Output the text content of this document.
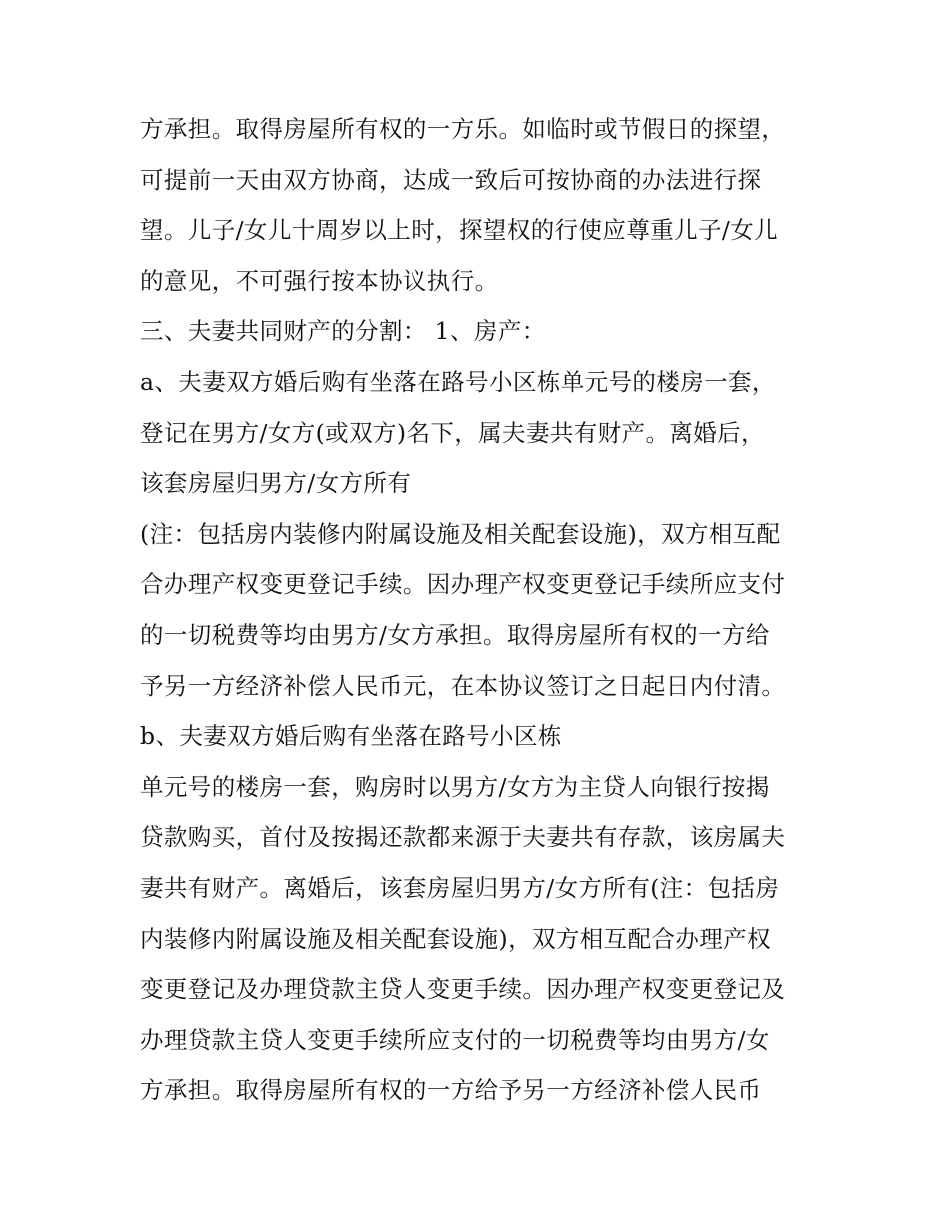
方承担。取得房屋所有权的一方乐。如临时或节假日的探望，
可提前一天由双方协商，达成一致后可按协商的办法进行探
望。儿子/女儿十周岁以上时，探望权的行使应尊重儿子/女儿
的意见，不可强行按本协议执行。
三、夫妻共同财产的分割： 1、房产：
a、夫妻双方婚后购有坐落在路号小区栋单元号的楼房一套，
登记在男方/女方(或双方)名下，属夫妻共有财产。离婚后，
该套房屋归男方/女方所有
(注：包括房内装修内附属设施及相关配套设施)，双方相互配
合办理产权变更登记手续。因办理产权变更登记手续所应支付
的一切税费等均由男方/女方承担。取得房屋所有权的一方给
予另一方经济补偿人民币元，在本协议签订之日起日内付清。
b、夫妻双方婚后购有坐落在路号小区栋
单元号的楼房一套，购房时以男方/女方为主贷人向银行按揭
贷款购买，首付及按揭还款都来源于夫妻共有存款，该房属夫
妻共有财产。离婚后，该套房屋归男方/女方所有(注：包括房
内装修内附属设施及相关配套设施)，双方相互配合办理产权
变更登记及办理贷款主贷人变更手续。因办理产权变更登记及
办理贷款主贷人变更手续所应支付的一切税费等均由男方/女
方承担。取得房屋所有权的一方给予另一方经济补偿人民币
